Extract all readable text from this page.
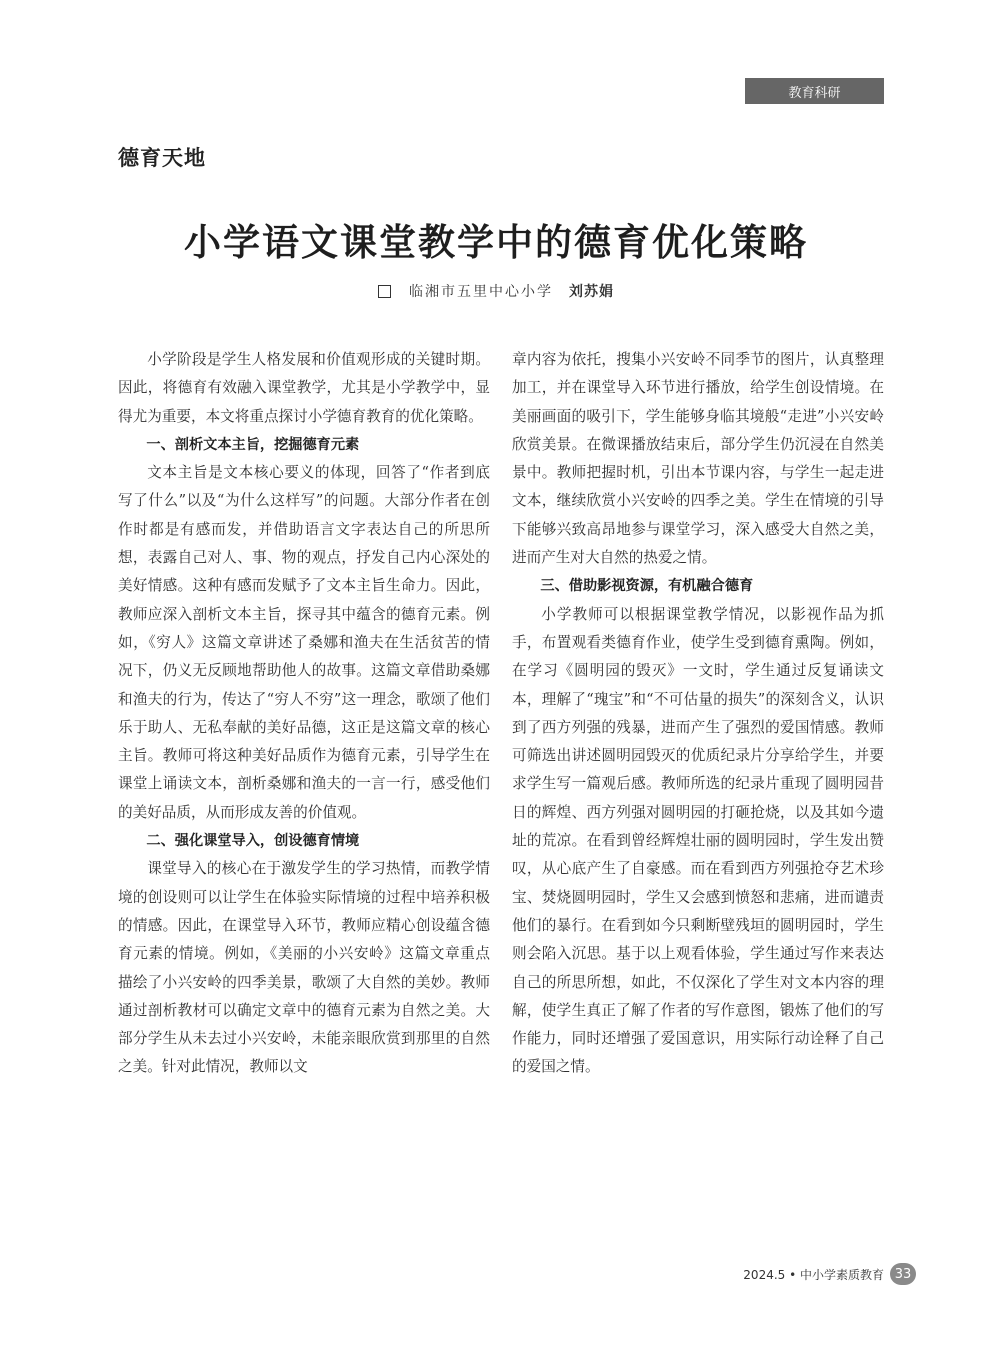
教育科研
德育天地
小学语文课堂教学中的德育优化策略
临湘市五里中心小学 刘苏娟

小学阶段是学生人格发展和价值观形成的关键时期。因此，将德育有效融入课堂教学，尤其是小学教学中，显得尤为重要，本文将重点探讨小学德育教育的优化策略。

一、剖析文本主旨，挖掘德育元素

文本主旨是文本核心要义的体现，回答了“作者到底写了什么”以及“为什么这样写”的问题。大部分作者在创作时都是有感而发，并借助语言文字表达自己的所思所想，表露自己对人、事、物的观点，抒发自己内心深处的美好情感。这种有感而发赋予了文本主旨生命力。因此，教师应深入剖析文本主旨，探寻其中蕴含的德育元素。例如，《穷人》这篇文章讲述了桑娜和渔夫在生活贫苦的情况下，仍义无反顾地帮助他人的故事。这篇文章借助桑娜和渔夫的行为，传达了“穷人不穷”这一理念，歌颂了他们乐于助人、无私奉献的美好品德，这正是这篇文章的核心主旨。教师可将这种美好品质作为德育元素，引导学生在课堂上诵读文本，剖析桑娜和渔夫的一言一行，感受他们的美好品质，从而形成友善的价值观。

二、强化课堂导入，创设德育情境

课堂导入的核心在于激发学生的学习热情，而教学情境的创设则可以让学生在体验实际情境的过程中培养积极的情感。因此，在课堂导入环节，教师应精心创设蕴含德育元素的情境。例如，《美丽的小兴安岭》这篇文章重点描绘了小兴安岭的四季美景，歌颂了大自然的美妙。教师通过剖析教材可以确定文章中的德育元素为自然之美。大部分学生从未去过小兴安岭，未能亲眼欣赏到那里的自然之美。针对此情况，教师以文

章内容为依托，搜集小兴安岭不同季节的图片，认真整理加工，并在课堂导入环节进行播放，给学生创设情境。在美丽画面的吸引下，学生能够身临其境般“走进”小兴安岭欣赏美景。在微课播放结束后，部分学生仍沉浸在自然美景中。教师把握时机，引出本节课内容，与学生一起走进文本，继续欣赏小兴安岭的四季之美。学生在情境的引导下能够兴致高昂地参与课堂学习，深入感受大自然之美，进而产生对大自然的热爱之情。

三、借助影视资源，有机融合德育

小学教师可以根据课堂教学情况，以影视作品为抓手，布置观看类德育作业，使学生受到德育熏陶。例如，在学习《圆明园的毁灭》一文时，学生通过反复诵读文本，理解了“瑰宝”和“不可估量的损失”的深刻含义，认识到了西方列强的残暴，进而产生了强烈的爱国情感。教师可筛选出讲述圆明园毁灭的优质纪录片分享给学生，并要求学生写一篇观后感。教师所选的纪录片重现了圆明园昔日的辉煌、西方列强对圆明园的打砸抢烧，以及其如今遗址的荒凉。在看到曾经辉煌壮丽的圆明园时，学生发出赞叹，从心底产生了自豪感。而在看到西方列强抢夺艺术珍宝、焚烧圆明园时，学生又会感到愤怒和悲痛，进而谴责他们的暴行。在看到如今只剩断壁残垣的圆明园时，学生则会陷入沉思。基于以上观看体验，学生通过写作来表达自己的所思所想，如此，不仅深化了学生对文本内容的理解，使学生真正了解了作者的写作意图，锻炼了他们的写作能力，同时还增强了爱国意识，用实际行动诠释了自己的爱国之情。

2024.5 • 中小学素质教育 33
